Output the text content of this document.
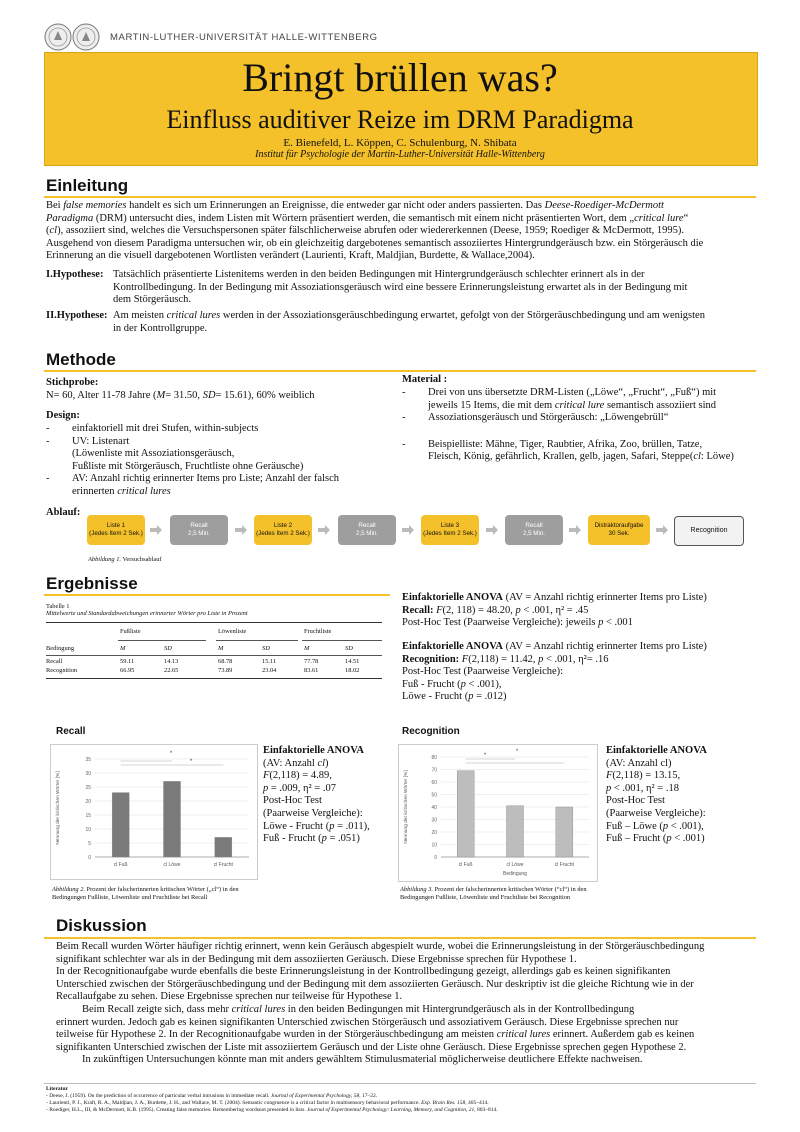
MARTIN-LUTHER-UNIVERSITÄT HALLE-WITTENBERG
Bringt brüllen was?
Einfluss auditiver Reize im DRM Paradigma
E. Bienefeld, L. Köppen, C. Schulenburg, N. Shibata
Institut für Psychologie der Martin-Luther-Universität Halle-Wittenberg
Einleitung
Bei false memories handelt es sich um Erinnerungen an Ereignisse, die entweder gar nicht oder anders passierten. Das Deese-Roediger-McDermott
Paradigma (DRM) untersucht dies, indem Listen mit Wörtern präsentiert werden, die semantisch mit einem nicht präsentierten Wort, dem „critical lure“
(cl), assoziiert sind, welches die Versuchspersonen später fälschlicherweise abrufen oder wiedererkennen (Deese, 1959; Roediger & McDermott, 1995).
Ausgehend von diesem Paradigma untersuchen wir, ob ein gleichzeitig dargebotenes semantisch assoziiertes Hintergrundgeräusch bzw. ein Störgeräusch die
Erinnerung an die visuell dargebotenen Wortlisten verändert (Laurienti, Kraft, Maldjian, Burdette, & Wallace,2004).
I.Hypothese: Tatsächlich präsentierte Listenitems werden in den beiden Bedingungen mit Hintergrundgeräusch schlechter erinnert als in der
Kontrollbedingung. In der Bedingung mit Assoziationsgeräusch wird eine bessere Erinnerungsleistung erwartet als in der Bedingung mit
dem Störgeräusch.
II.Hypothese: Am meisten critical lures werden in der Assoziationsgeräuschbedingung erwartet, gefolgt von der Störgeräuschbedingung und am wenigsten
in der Kontrollgruppe.
Methode
Stichprobe:
N= 60, Alter 11-78 Jahre (M= 31.50, SD= 15.61), 60% weiblich
Design:
- einfaktoriell mit drei Stufen, within-subjects
- UV: Listenart
(Löwenliste mit Assoziationsgeräusch,
Fußliste mit Störgeräusch, Fruchtliste ohne Geräusche)
- AV: Anzahl richtig erinnerter Items pro Liste; Anzahl der falsch
erinnerten critical lures
Ablauf:
Material :
- Drei von uns übersetzte DRM-Listen („Löwe“, „Frucht“, „Fuß“) mit
jeweils 15 Items, die mit dem critical lure semantisch assoziiert sind
- Assoziationsgeräusch und Störgeräusch: „Löwengebrüll“
- Beispielliste: Mähne, Tiger, Raubtier, Afrika, Zoo, brüllen, Tatze,
Fleisch, König, gefährlich, Krallen, gelb, jagen, Safari, Steppe(cl: Löwe)
Liste 1
(Jedes Item 2 Sek.)
Recall
2,5 Min.
Liste 2
(Jedes Item 2 Sek.)
Recall
2,5 Min.
Liste 3
(Jedes Item 2 Sek.)
Recall
2,5 Min.
Distraktoraufgabe
30 Sek.	Recognition
Abbildung 1. Versuchsablauf
Ergebnisse
Tabelle 1
Mittelwerte und Standardabweichungen erinnerter Wörter pro Liste in Prozent
Fußliste	Löwenliste	Fruchtliste
Bedingung	M	SD	M	SD	M	SD
Recall	59.11	14.13	68.78	15.11	77.78	14.51
Recognition	66.95	22.65	73.89	23.04	83.61	18.02
Einfaktorielle ANOVA (AV = Anzahl richtig erinnerter Items pro Liste)
Recall: F(2, 118) = 48.20, p < .001, η² = .45
Post-Hoc Test (Paarweise Vergleiche): jeweils p < .001
Einfaktorielle ANOVA (AV = Anzahl richtig erinnerter Items pro Liste)
Recognition: F(2,118) = 11.42, p < .001, η²= .16
Post-Hoc Test (Paarweise Vergleiche):
Fuß - Frucht (p < .001),
Löwe - Frucht (p = .012)
Recall
0
5
10
15
20
25
30
35
cl Fuß	cl Löwe	cl Frucht
*
*
Nennung der kritischen Wörter [%]
Einfaktorielle ANOVA
(AV: Anzahl cl)
F(2,118) = 4.89,
p = .009, η² = .07
Post-Hoc Test
(Paarweise Vergleiche):
Löwe - Frucht (p = .011),
Fuß - Frucht (p = .051)
Abbildung 2. Prozent der falscherinnerten kritischen Wörter („cl“) in den
Bedingungen Fußliste, Löwenliste und Fruchtliste bei Recall
Recognition
0
10
20
30
40
50
60
70
80
cl Fuß	cl Löwe	cl Frucht
*
*
Nennung der kritischen Wörter [%]
Bedingung
Einfaktorielle ANOVA
(AV: Anzahl cl)
F(2,118) = 13.15,
p < .001, η² = .18
Post-Hoc Test
(Paarweise Vergleiche):
Fuß – Löwe (p < .001),
Fuß – Frucht (p < .001)
Abbildung 3. Prozent der falscherinnerten kritischen Wörter (“cl“) in den
Bedingungen Fußliste, Löwenliste und Fruchtliste bei Recognition
Diskussion
Beim Recall wurden Wörter häufiger richtig erinnert, wenn kein Geräusch abgespielt wurde, wobei die Erinnerungsleistung in der Störgeräuschbedingung
signifikant schlechter war als in der Bedingung mit dem assoziierten Geräusch. Diese Ergebnisse sprechen für Hypothese 1.
In der Recognitionaufgabe wurde ebenfalls die beste Erinnerungsleistung in der Kontrollbedingung gezeigt, allerdings gab es keinen signifikanten
Unterschied zwischen der Störgeräuschbedingung und der Bedingung mit dem assoziierten Geräusch. Nur deskriptiv ist die gleiche Richtung wie in der
Recallaufgabe zu sehen. Diese Ergebnisse sprechen nur teilweise für Hypothese 1.
Beim Recall zeigte sich, dass mehr critical lures in den beiden Bedingungen mit Hintergrundgeräusch als in der Kontrollbedingung
erinnert wurden. Jedoch gab es keinen signifikanten Unterschied zwischen Störgeräusch und assoziativem Geräusch. Diese Ergebnisse sprechen nur
teilweise für Hypothese 2. In der Recognitionaufgabe wurden in der Störgeräuschbedingung am meisten critical lures erinnert. Außerdem gab es keinen
signifikanten Unterschied zwischen der Liste mit assoziiertem Geräusch und der Liste ohne Geräusch. Diese Ergebnisse sprechen gegen Hypothese 2.
In zukünftigen Untersuchungen könnte man mit anders gewähltem Stimulusmaterial möglicherweise deutlichere Effekte nachweisen.
Literatur
- Deese, J. (1959). On the prediction of occurrence of particular verbal intrusions in immediate recall. Journal of Experimental Psychology, 58, 17–22.
- Laurienti, P. J., Kraft, R. A., Maldjian, J. A., Burdette, J. H., and Wallace, M. T. (2004). Semantic congruence is a critical factor in multisensory behavioral performance. Exp. Brain Res. 158, 405–414.
- Roediger, H.L., III, & McDermott, K.B. (1995). Creating false memories: Remembering wordsnot presented in lists. Journal of Experimental Psychology: Learning, Memory, and Cognition, 21, 803–814.
